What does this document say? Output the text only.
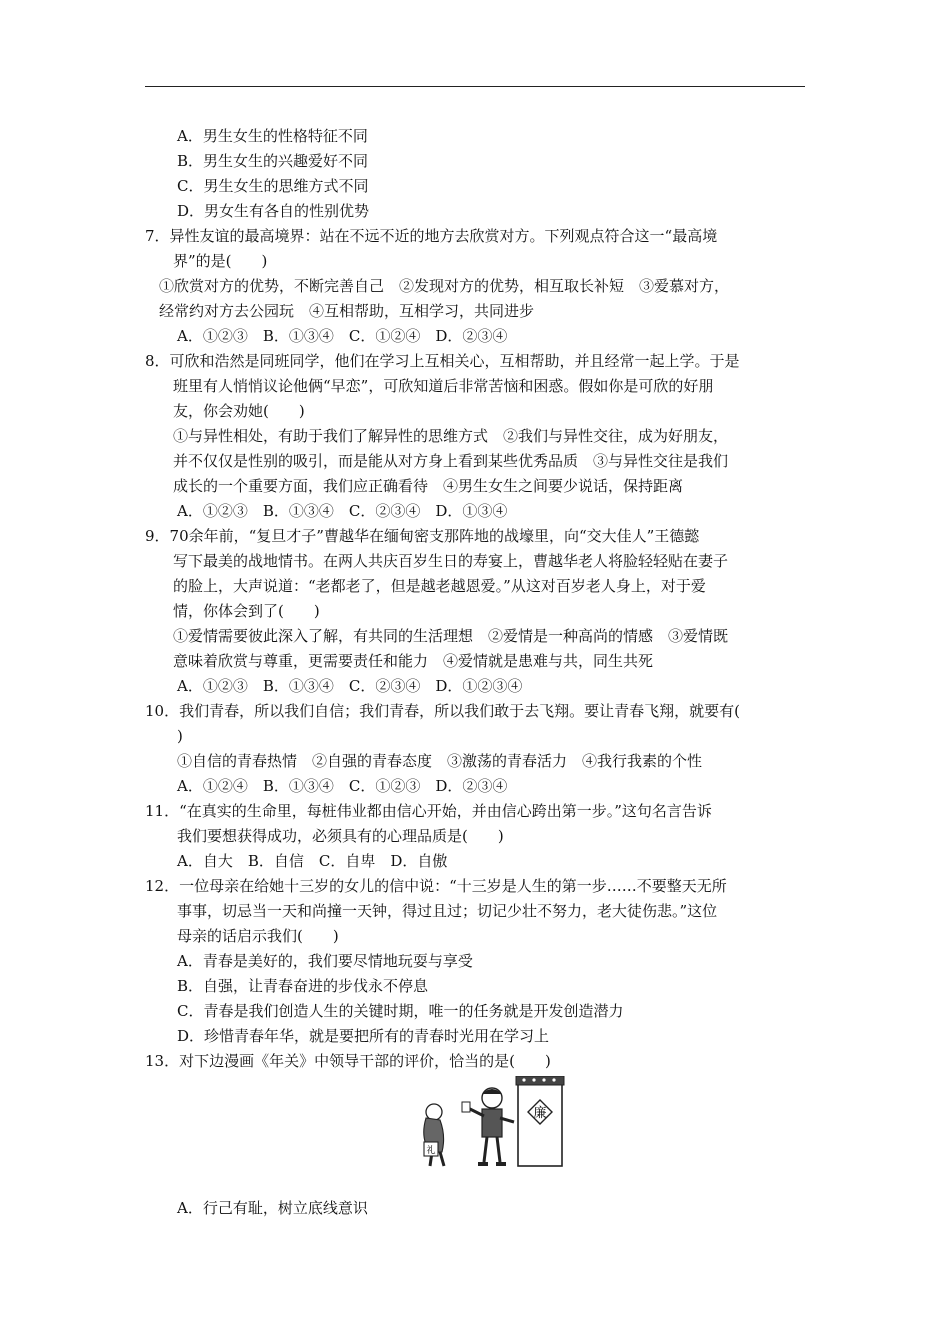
A．男生女生的性格特征不同
B．男生女生的兴趣爱好不同
C．男生女生的思维方式不同
D．男女生有各自的性别优势
7．异性友谊的最高境界：站在不远不近的地方去欣赏对方。下列观点符合这一“最高境
界”的是(　　)
①欣赏对方的优势，不断完善自己　②发现对方的优势，相互取长补短　③爱慕对方，
经常约对方去公园玩　④互相帮助，互相学习，共同进步
A．①②③　B．①③④　C．①②④　D．②③④
8．可欣和浩然是同班同学，他们在学习上互相关心，互相帮助，并且经常一起上学。于是
班里有人悄悄议论他俩“早恋”，可欣知道后非常苦恼和困惑。假如你是可欣的好朋
友，你会劝她(　　)
①与异性相处，有助于我们了解异性的思维方式　②我们与异性交往，成为好朋友，
并不仅仅是性别的吸引，而是能从对方身上看到某些优秀品质　③与异性交往是我们
成长的一个重要方面，我们应正确看待　④男生女生之间要少说话，保持距离
A．①②③　B．①③④　C．②③④　D．①③④
9．70余年前，“复旦才子”曹越华在缅甸密支那阵地的战壕里，向“交大佳人”王德懿
写下最美的战地情书。在两人共庆百岁生日的寿宴上，曹越华老人将脸轻轻贴在妻子
的脸上，大声说道：“老都老了，但是越老越恩爱。”从这对百岁老人身上，对于爱
情，你体会到了(　　)
①爱情需要彼此深入了解，有共同的生活理想　②爱情是一种高尚的情感　③爱情既
意味着欣赏与尊重，更需要责任和能力　④爱情就是患难与共，同生共死
A．①②③　B．①③④　C．②③④　D．①②③④
10．我们青春，所以我们自信；我们青春，所以我们敢于去飞翔。要让青春飞翔，就要有(
)
①自信的青春热情　②自强的青春态度　③激荡的青春活力　④我行我素的个性
A．①②④　B．①③④　C．①②③　D．②③④
11．“在真实的生命里，每桩伟业都由信心开始，并由信心跨出第一步。”这句名言告诉
我们要想获得成功，必须具有的心理品质是(　　)
A．自大　B．自信　C．自卑　D．自傲
12．一位母亲在给她十三岁的女儿的信中说：“十三岁是人生的第一步……不要整天无所
事事，切忌当一天和尚撞一天钟，得过且过；切记少壮不努力，老大徒伤悲。”这位
母亲的话启示我们(　　)
A．青春是美好的，我们要尽情地玩耍与享受
B．自强，让青春奋进的步伐永不停息
C．青春是我们创造人生的关键时期，唯一的任务就是开发创造潜力
D．珍惜青春年华，就是要把所有的青春时光用在学习上
13．对下边漫画《年关》中领导干部的评价，恰当的是(　　)
廉
礼
A．行己有耻，树立底线意识
